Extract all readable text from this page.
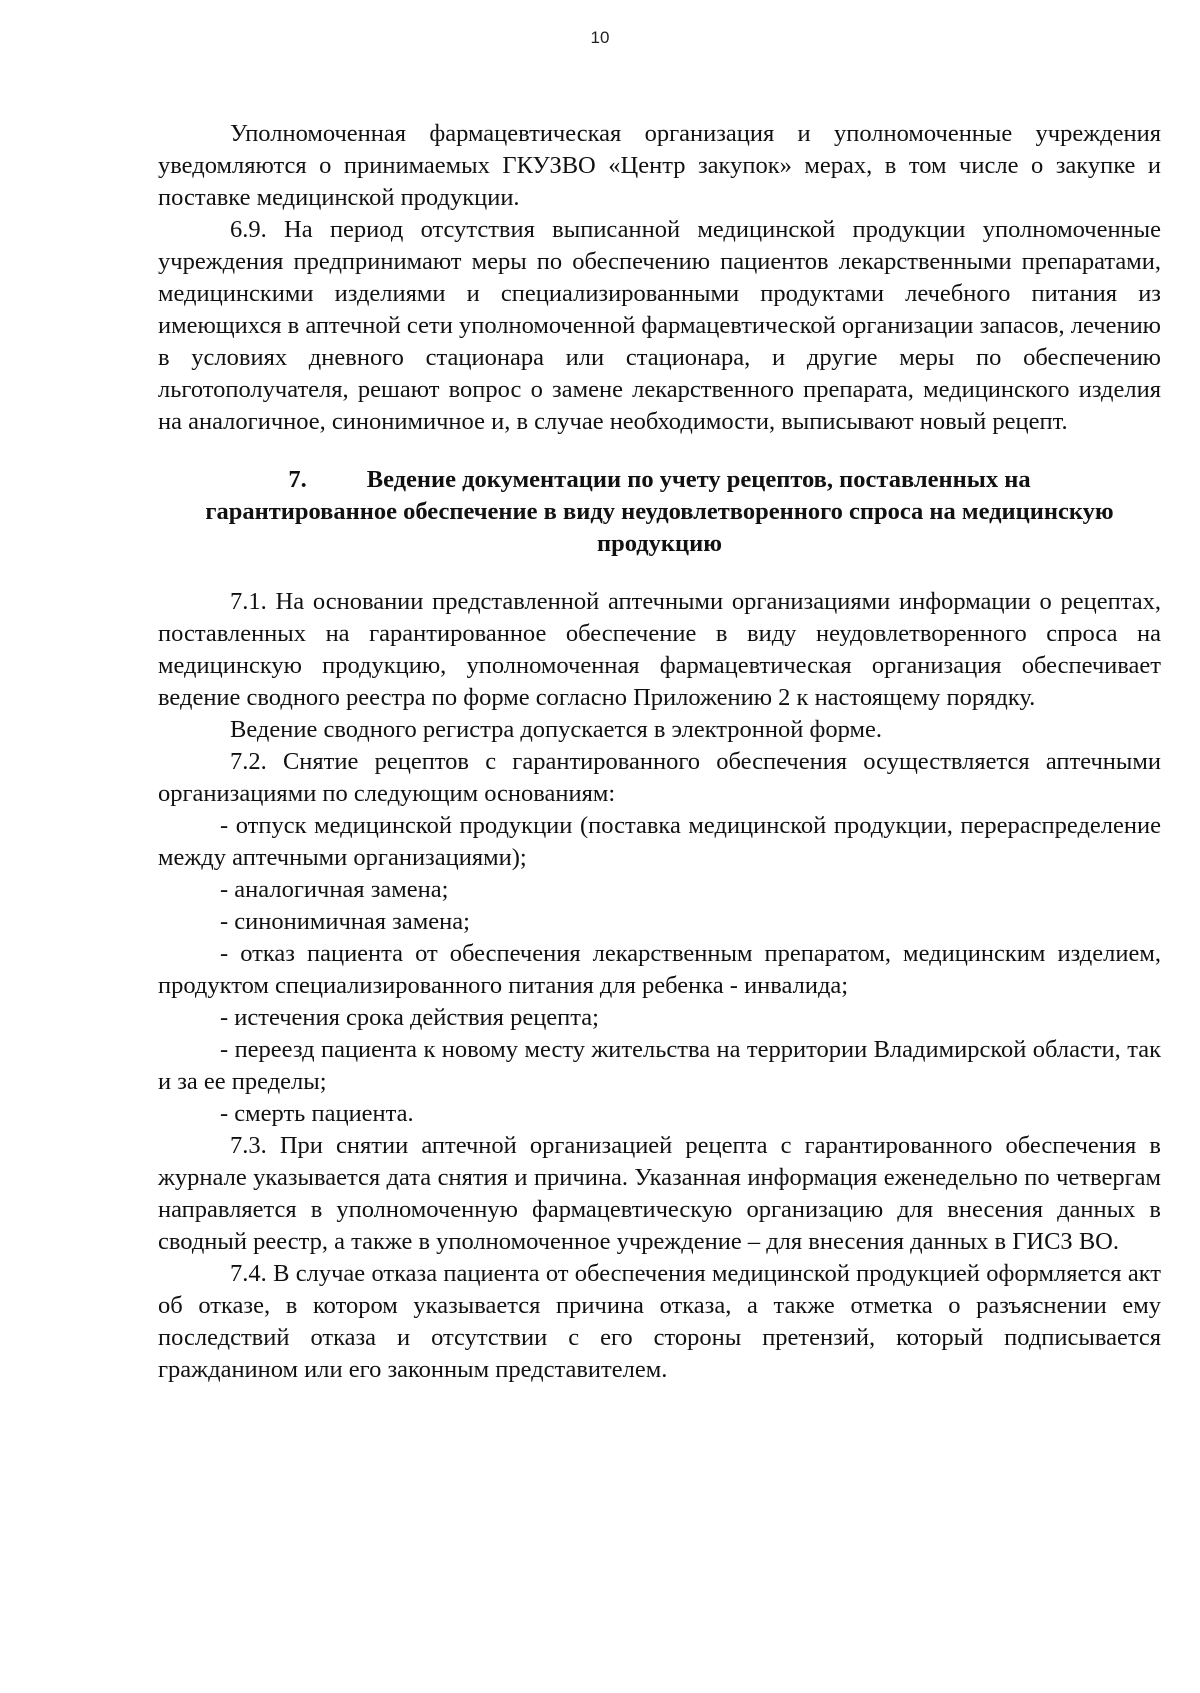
10

Уполномоченная фармацевтическая организация и уполномоченные учреждения уведомляются о принимаемых ГКУЗВО «Центр закупок» мерах, в том числе о закупке и поставке медицинской продукции.

6.9. На период отсутствия выписанной медицинской продукции уполномоченные учреждения предпринимают меры по обеспечению пациентов лекарственными препаратами, медицинскими изделиями и специализированными продуктами лечебного питания из имеющихся в аптечной сети уполномоченной фармацевтической организации запасов, лечению в условиях дневного стационара или стационара, и другие меры по обеспечению льготополучателя, решают вопрос о замене лекарственного препарата, медицинского изделия на аналогичное, синонимичное и, в случае необходимости, выписывают новый рецепт.

7. Ведение документации по учету рецептов, поставленных на гарантированное обеспечение в виду неудовлетворенного спроса на медицинскую продукцию

7.1. На основании представленной аптечными организациями информации о рецептах, поставленных на гарантированное обеспечение в виду неудовлетворенного спроса на медицинскую продукцию, уполномоченная фармацевтическая организация обеспечивает ведение сводного реестра по форме согласно Приложению 2 к настоящему порядку.

Ведение сводного регистра допускается в электронной форме.

7.2. Снятие рецептов с гарантированного обеспечения осуществляется аптечными организациями по следующим основаниям:

- отпуск медицинской продукции (поставка медицинской продукции, перераспределение между аптечными организациями);

- аналогичная замена;

- синонимичная замена;

- отказ пациента от обеспечения лекарственным препаратом, медицинским изделием, продуктом специализированного питания для ребенка - инвалида;

- истечения срока действия рецепта;

- переезд пациента к новому месту жительства на территории Владимирской области, так и за ее пределы;

- смерть пациента.

7.3. При снятии аптечной организацией рецепта с гарантированного обеспечения в журнале указывается дата снятия и причина. Указанная информация еженедельно по четвергам направляется в уполномоченную фармацевтическую организацию для внесения данных в сводный реестр, а также в уполномоченное учреждение – для внесения данных в ГИСЗ ВО.

7.4. В случае отказа пациента от обеспечения медицинской продукцией оформляется акт об отказе, в котором указывается причина отказа, а также отметка о разъяснении ему последствий отказа и отсутствии с его стороны претензий, который подписывается гражданином или его законным представителем.
